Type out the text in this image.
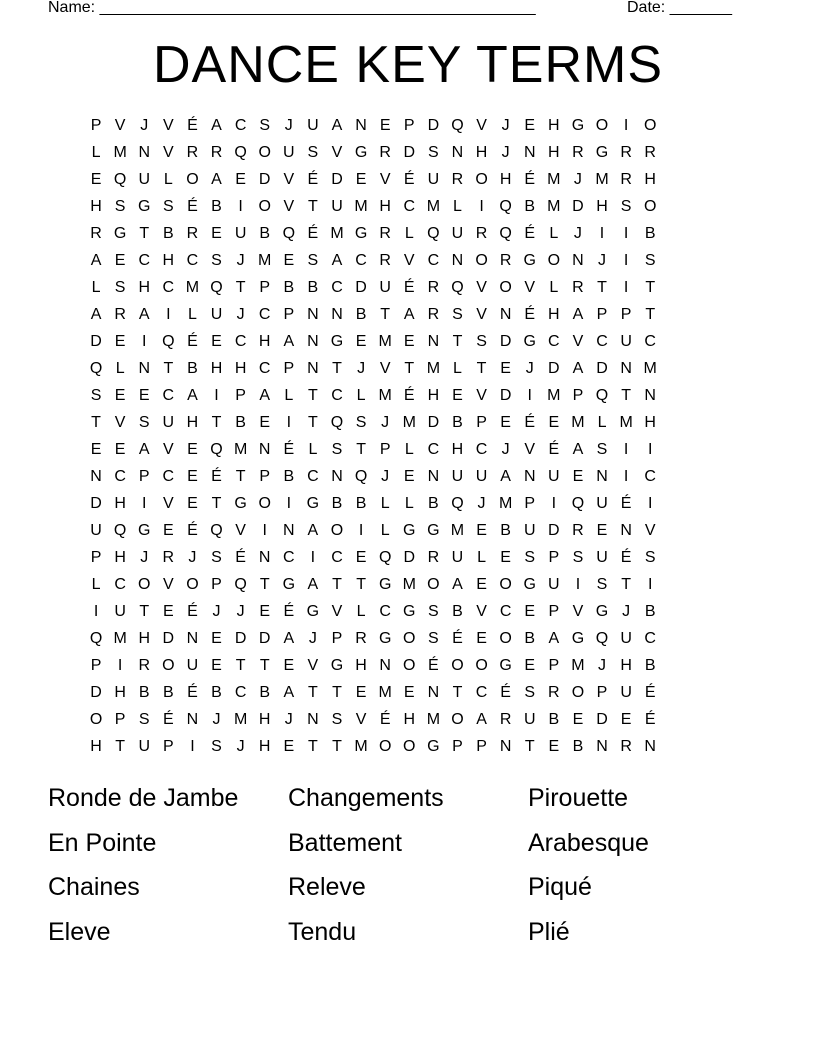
Name: _________________________________________________	Date: _______
DANCE KEY TERMS
P V J V É A C S J U A N E P D Q V J E H G O I O
L M N V R R Q O U S V G R D S N H J N H R G R R
E Q U L O A E D V É D E V É U R O H É M J M R H
H S G S É B	I O V T U M H C M L	I Q B M D H S O
R G T B R E U B Q É M G R L Q U R Q É L J	I	I	B
A E C H C S J M E S A C R V C N O R G O N J	I	S
L S H C M Q T P B B C D U É R Q V O V L R T	I	T
A R A	I	L U J C P N N B T A R S V N É H A P P T
D E	I Q É E C H A N G E M E N T S D G C V C U C
Q L N T B H H C P N T J V T M L T E J D A D N M
S E E C A	I	P A L T C L M É H E V D	I M P Q T N
T V S U H T B E	I	T Q S J M D B P E É E M L M H
E E A V E Q M N É L S T P L C H C J V É A S	I	I
N C P C E É T P B C N Q J E N U U A N U E N	I	C
D H	I	V E T G O I G B B L L B Q J M P	I Q U É	I
U Q G E É Q V	I	N A O I	L G G M E B U D R E N V
P H J R J S É N C	I	C E Q D R U L E S P S U É S
L C O V O P Q T G A T T G M O A E O G U	I	S T	I
I	U T E É J	J E É G V L C G S B V C E P V G J B
Q M H D N E D D A J P R G O S É E O B A G Q U C
P	I	R O U E T T E V G H N O É O O G E P M J H B
D H B B É B C B A T T E M E N T C É S R O P U É
O P S É N J M H J N S V É H M O A R U B E D E É
H T U P	I	S J H E T T M O O G P P N T E B N R N
Ronde de Jambe	Changements	Pirouette
En Pointe	Battement	Arabesque
Chaines	Releve	Piqué
Eleve	Tendu	Plié
